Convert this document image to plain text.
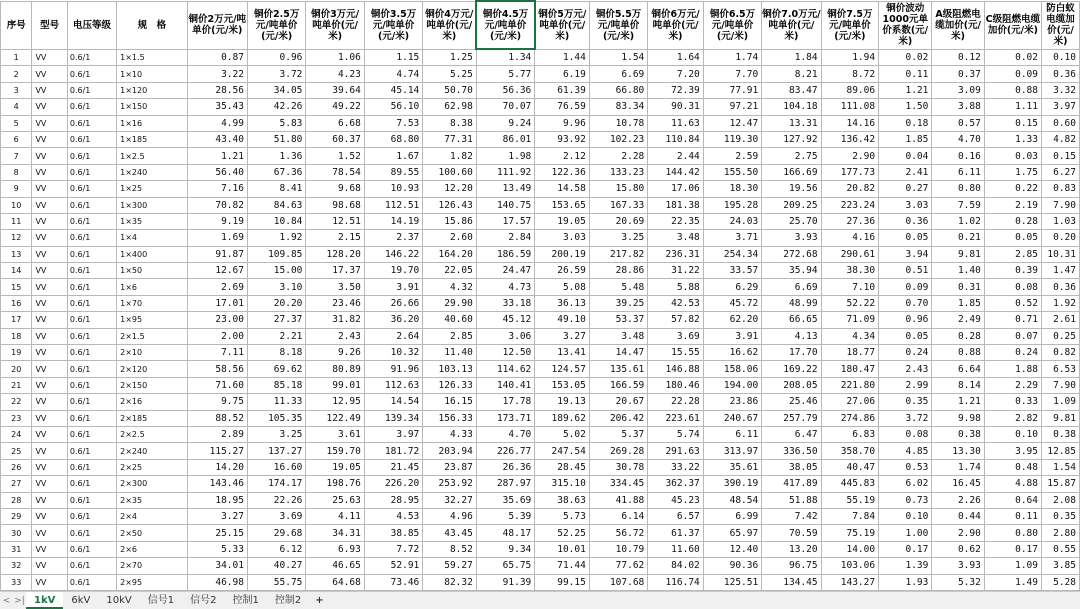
序号	型号	电压等级	规　格	铜价2万元/吨单价(元/米)	铜价2.5万元/吨单价(元/米)	铜价3万元/吨单价(元/米)	铜价3.5万元/吨单价(元/米)	铜价4万元/吨单价(元/米)	铜价4.5万元/吨单价(元/米)	铜价5万元/吨单价(元/米)	铜价5.5万元/吨单价(元/米)	铜价6万元/吨单价(元/米)	铜价6.5万元/吨单价(元/米)	铜价7.0万元/吨单价(元/米)	铜价7.5万元/吨单价(元/米)	铜价波动1000元单价系数(元/米)	A级阻燃电缆加价(元/米)	C级阻燃电缆加价(元/米)	防白蚁电缆加价(元/米)
1	VV	0.6/1	1×1.5	0.87	0.96	1.06	1.15	1.25	1.34	1.44	1.54	1.64	1.74	1.84	1.94	0.02	0.12	0.02	0.10
2	VV	0.6/1	1×10	3.22	3.72	4.23	4.74	5.25	5.77	6.19	6.69	7.20	7.70	8.21	8.72	0.11	0.37	0.09	0.36
3	VV	0.6/1	1×120	28.56	34.05	39.64	45.14	50.70	56.36	61.39	66.80	72.39	77.91	83.47	89.06	1.21	3.09	0.88	3.32
4	VV	0.6/1	1×150	35.43	42.26	49.22	56.10	62.98	70.07	76.59	83.34	90.31	97.21	104.18	111.08	1.50	3.88	1.11	3.97
5	VV	0.6/1	1×16	4.99	5.83	6.68	7.53	8.38	9.24	9.96	10.78	11.63	12.47	13.31	14.16	0.18	0.57	0.15	0.60
6	VV	0.6/1	1×185	43.40	51.80	60.37	68.80	77.31	86.01	93.92	102.23	110.84	119.30	127.92	136.42	1.85	4.70	1.33	4.82
7	VV	0.6/1	1×2.5	1.21	1.36	1.52	1.67	1.82	1.98	2.12	2.28	2.44	2.59	2.75	2.90	0.04	0.16	0.03	0.15
8	VV	0.6/1	1×240	56.40	67.36	78.54	89.55	100.60	111.92	122.36	133.23	144.42	155.50	166.69	177.73	2.41	6.11	1.75	6.27
9	VV	0.6/1	1×25	7.16	8.41	9.68	10.93	12.20	13.49	14.58	15.80	17.06	18.30	19.56	20.82	0.27	0.80	0.22	0.83
10	VV	0.6/1	1×300	70.82	84.63	98.68	112.51	126.43	140.75	153.65	167.33	181.38	195.28	209.25	223.24	3.03	7.59	2.19	7.90
11	VV	0.6/1	1×35	9.19	10.84	12.51	14.19	15.86	17.57	19.05	20.69	22.35	24.03	25.70	27.36	0.36	1.02	0.28	1.03
12	VV	0.6/1	1×4	1.69	1.92	2.15	2.37	2.60	2.84	3.03	3.25	3.48	3.71	3.93	4.16	0.05	0.21	0.05	0.20
13	VV	0.6/1	1×400	91.87	109.85	128.20	146.22	164.20	186.59	200.19	217.82	236.31	254.34	272.68	290.61	3.94	9.81	2.85	10.31
14	VV	0.6/1	1×50	12.67	15.00	17.37	19.70	22.05	24.47	26.59	28.86	31.22	33.57	35.94	38.30	0.51	1.40	0.39	1.47
15	VV	0.6/1	1×6	2.69	3.10	3.50	3.91	4.32	4.73	5.08	5.48	5.88	6.29	6.69	7.10	0.09	0.31	0.08	0.36
16	VV	0.6/1	1×70	17.01	20.20	23.46	26.66	29.90	33.18	36.13	39.25	42.53	45.72	48.99	52.22	0.70	1.85	0.52	1.92
17	VV	0.6/1	1×95	23.00	27.37	31.82	36.20	40.60	45.12	49.10	53.37	57.82	62.20	66.65	71.09	0.96	2.49	0.71	2.61
18	VV	0.6/1	2×1.5	2.00	2.21	2.43	2.64	2.85	3.06	3.27	3.48	3.69	3.91	4.13	4.34	0.05	0.28	0.07	0.25
19	VV	0.6/1	2×10	7.11	8.18	9.26	10.32	11.40	12.50	13.41	14.47	15.55	16.62	17.70	18.77	0.24	0.88	0.24	0.82
20	VV	0.6/1	2×120	58.56	69.62	80.89	91.96	103.13	114.62	124.57	135.61	146.88	158.06	169.22	180.47	2.43	6.64	1.88	6.53
21	VV	0.6/1	2×150	71.60	85.18	99.01	112.63	126.33	140.41	153.05	166.59	180.46	194.00	208.05	221.80	2.99	8.14	2.29	7.90
22	VV	0.6/1	2×16	9.75	11.33	12.95	14.54	16.15	17.78	19.13	20.67	22.28	23.86	25.46	27.06	0.35	1.21	0.33	1.09
23	VV	0.6/1	2×185	88.52	105.35	122.49	139.34	156.33	173.71	189.62	206.42	223.61	240.67	257.79	274.86	3.72	9.98	2.82	9.81
24	VV	0.6/1	2×2.5	2.89	3.25	3.61	3.97	4.33	4.70	5.02	5.37	5.74	6.11	6.47	6.83	0.08	0.38	0.10	0.38
25	VV	0.6/1	2×240	115.27	137.27	159.70	181.72	203.94	226.77	247.54	269.28	291.63	313.97	336.50	358.70	4.85	13.30	3.95	12.85
26	VV	0.6/1	2×25	14.20	16.60	19.05	21.45	23.87	26.36	28.45	30.78	33.22	35.61	38.05	40.47	0.53	1.74	0.48	1.54
27	VV	0.6/1	2×300	143.46	174.17	198.76	226.20	253.92	287.97	315.10	334.45	362.37	390.19	417.89	445.83	6.02	16.45	4.88	15.87
28	VV	0.6/1	2×35	18.95	22.26	25.63	28.95	32.27	35.69	38.63	41.88	45.23	48.54	51.88	55.19	0.73	2.26	0.64	2.08
29	VV	0.6/1	2×4	3.27	3.69	4.11	4.53	4.96	5.39	5.73	6.14	6.57	6.99	7.42	7.84	0.10	0.44	0.11	0.35
30	VV	0.6/1	2×50	25.15	29.68	34.31	38.85	43.45	48.17	52.25	56.72	61.37	65.97	70.59	75.19	1.00	2.90	0.80	2.80
31	VV	0.6/1	2×6	5.33	6.12	6.93	7.72	8.52	9.34	10.01	10.79	11.60	12.40	13.20	14.00	0.17	0.62	0.17	0.55
32	VV	0.6/1	2×70	34.01	40.27	46.65	52.91	59.27	65.75	71.44	77.62	84.02	90.36	96.75	103.06	1.39	3.93	1.09	3.85
33	VV	0.6/1	2×95	46.98	55.75	64.68	73.46	82.32	91.39	99.15	107.68	116.74	125.51	134.45	143.27	1.93	5.32	1.49	5.28

< >| 1kV	6kV	10kV	信号1	信号2	控制1	控制2	+
